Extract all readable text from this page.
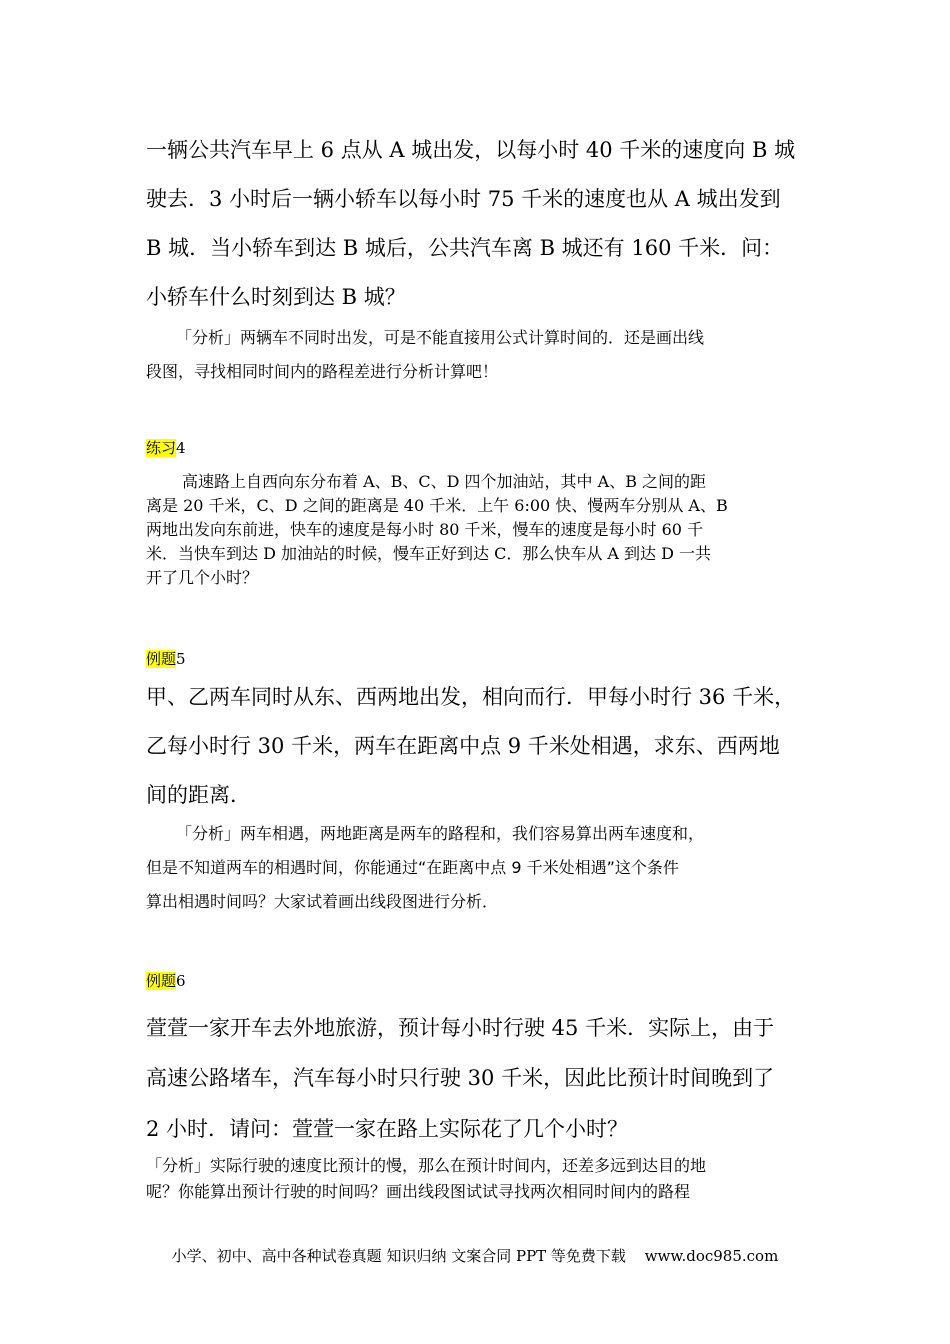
一辆公共汽车早上 6 点从 A 城出发，以每小时 40 千米的速度向 B 城

驶去．3 小时后一辆小轿车以每小时 75 千米的速度也从 A 城出发到

B 城．当小轿车到达 B 城后，公共汽车离 B 城还有 160 千米．问：

小轿车什么时刻到达 B 城？

「分析」两辆车不同时出发，可是不能直接用公式计算时间的．还是画出线

段图，寻找相同时间内的路程差进行分析计算吧！

练习4

高速路上自西向东分布着 A、B、C、D 四个加油站，其中 A、B 之间的距

离是 20 千米，C、D 之间的距离是 40 千米．上午 6:00 快、慢两车分别从 A、B

两地出发向东前进，快车的速度是每小时 80 千米，慢车的速度是每小时 60 千

米．当快车到达 D 加油站的时候，慢车正好到达 C．那么快车从 A 到达 D 一共

开了几个小时？

例题5

甲、乙两车同时从东、西两地出发，相向而行．甲每小时行 36 千米，

乙每小时行 30 千米，两车在距离中点 9 千米处相遇，求东、西两地

间的距离．

「分析」两车相遇，两地距离是两车的路程和，我们容易算出两车速度和，

但是不知道两车的相遇时间，你能通过“在距离中点 9 千米处相遇”这个条件

算出相遇时间吗？大家试着画出线段图进行分析．

例题6

萱萱一家开车去外地旅游，预计每小时行驶 45 千米．实际上，由于

高速公路堵车，汽车每小时只行驶 30 千米，因此比预计时间晚到了

2 小时．请问：萱萱一家在路上实际花了几个小时？

「分析」实际行驶的速度比预计的慢，那么在预计时间内，还差多远到达目的地

呢？你能算出预计行驶的时间吗？画出线段图试试寻找两次相同时间内的路程

小学、初中、高中各种试卷真题 知识归纳 文案合同 PPT 等免费下载 www.doc985.com
